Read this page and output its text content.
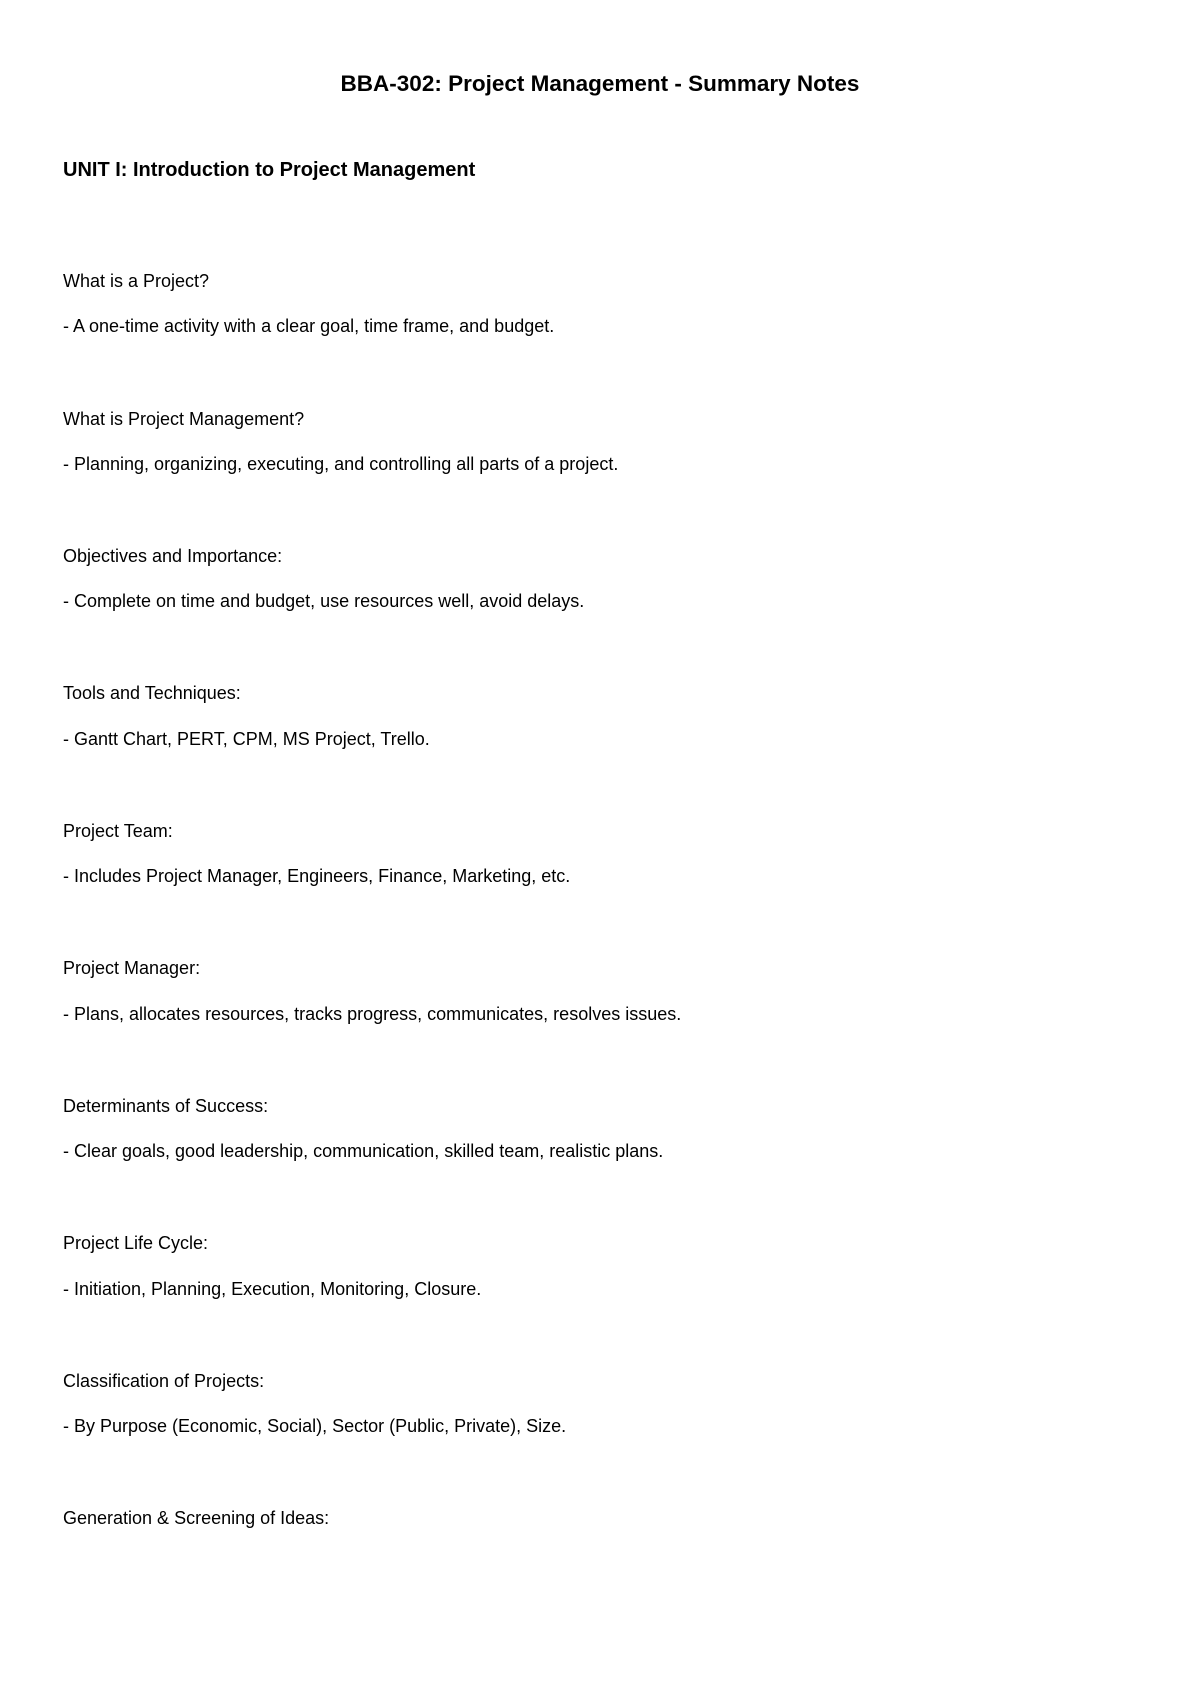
BBA-302: Project Management - Summary Notes
UNIT I: Introduction to Project Management

What is a Project?

- A one-time activity with a clear goal, time frame, and budget.

What is Project Management?

- Planning, organizing, executing, and controlling all parts of a project.

Objectives and Importance:

- Complete on time and budget, use resources well, avoid delays.

Tools and Techniques:

- Gantt Chart, PERT, CPM, MS Project, Trello.

Project Team:

- Includes Project Manager, Engineers, Finance, Marketing, etc.

Project Manager:

- Plans, allocates resources, tracks progress, communicates, resolves issues.

Determinants of Success:

- Clear goals, good leadership, communication, skilled team, realistic plans.

Project Life Cycle:

- Initiation, Planning, Execution, Monitoring, Closure.

Classification of Projects:

- By Purpose (Economic, Social), Sector (Public, Private), Size.

Generation & Screening of Ideas:
